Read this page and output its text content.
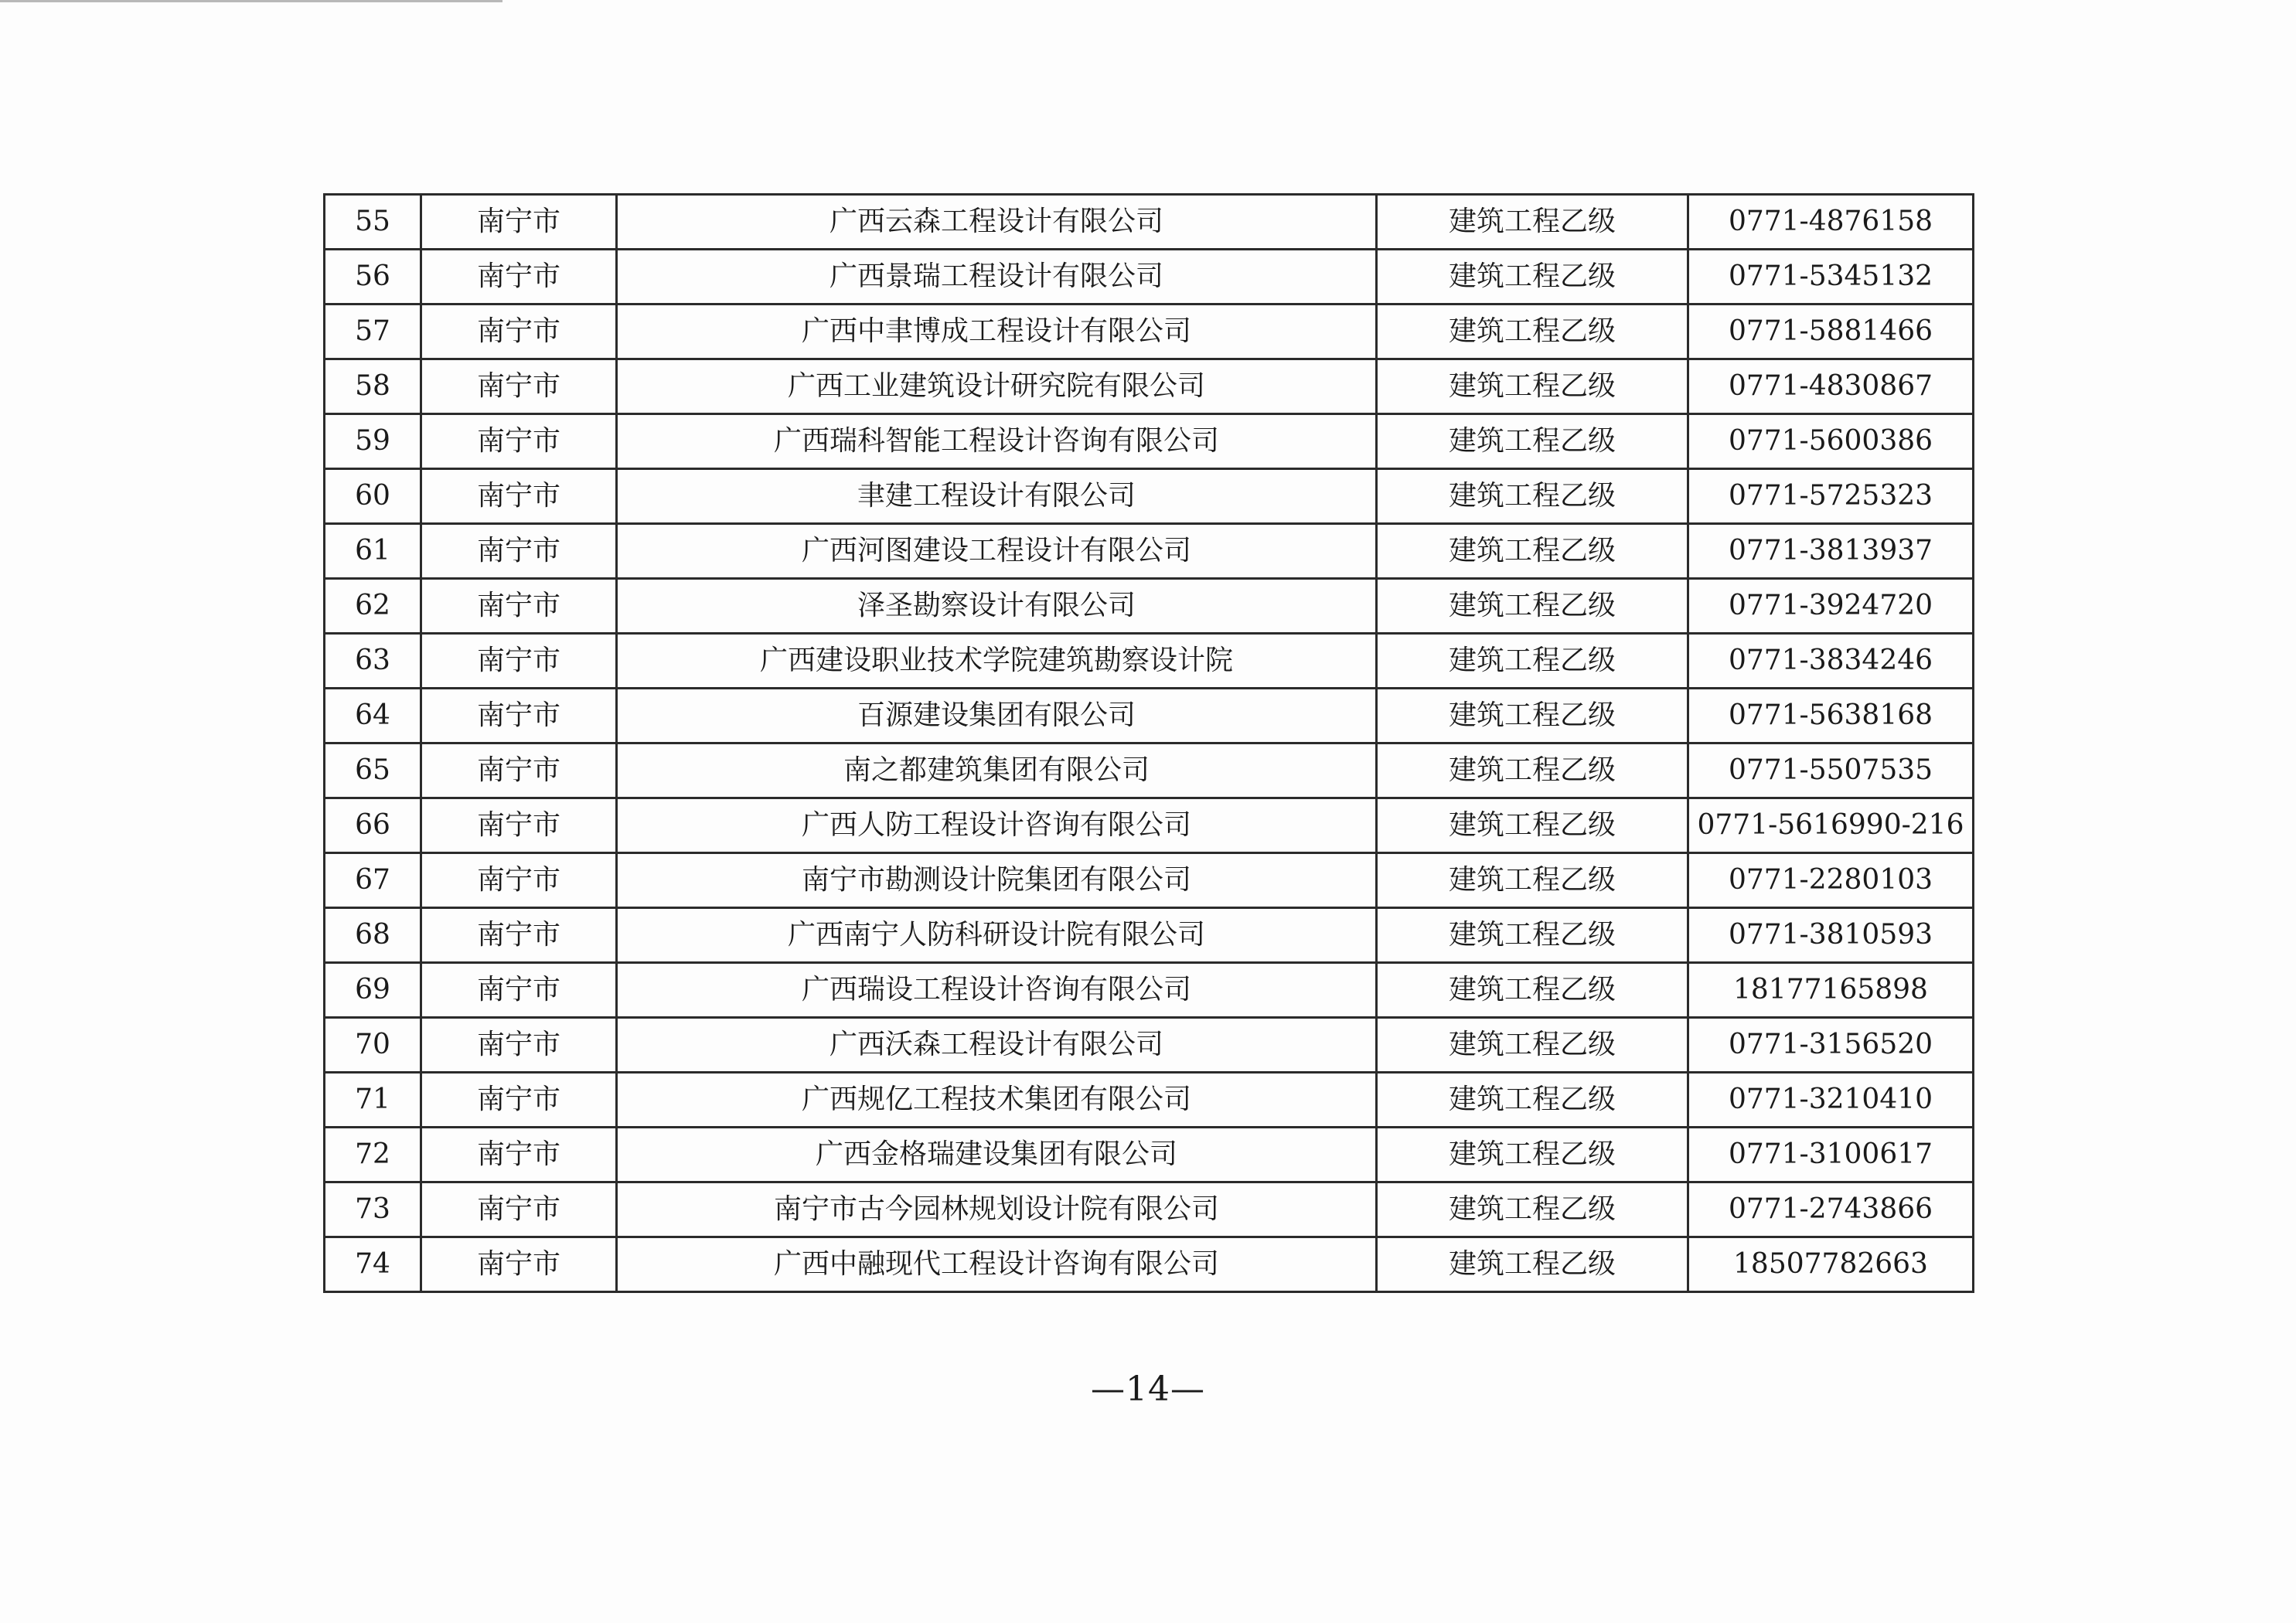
55	南宁市	广西云森工程设计有限公司	建筑工程乙级	0771-4876158
56	南宁市	广西景瑞工程设计有限公司	建筑工程乙级	0771-5345132
57	南宁市	广西中聿博成工程设计有限公司	建筑工程乙级	0771-5881466
58	南宁市	广西工业建筑设计研究院有限公司	建筑工程乙级	0771-4830867
59	南宁市	广西瑞科智能工程设计咨询有限公司	建筑工程乙级	0771-5600386
60	南宁市	聿建工程设计有限公司	建筑工程乙级	0771-5725323
61	南宁市	广西河图建设工程设计有限公司	建筑工程乙级	0771-3813937
62	南宁市	泽圣勘察设计有限公司	建筑工程乙级	0771-3924720
63	南宁市	广西建设职业技术学院建筑勘察设计院	建筑工程乙级	0771-3834246
64	南宁市	百源建设集团有限公司	建筑工程乙级	0771-5638168
65	南宁市	南之都建筑集团有限公司	建筑工程乙级	0771-5507535
66	南宁市	广西人防工程设计咨询有限公司	建筑工程乙级	0771-5616990-216
67	南宁市	南宁市勘测设计院集团有限公司	建筑工程乙级	0771-2280103
68	南宁市	广西南宁人防科研设计院有限公司	建筑工程乙级	0771-3810593
69	南宁市	广西瑞设工程设计咨询有限公司	建筑工程乙级	18177165898
70	南宁市	广西沃森工程设计有限公司	建筑工程乙级	0771-3156520
71	南宁市	广西规亿工程技术集团有限公司	建筑工程乙级	0771-3210410
72	南宁市	广西金格瑞建设集团有限公司	建筑工程乙级	0771-3100617
73	南宁市	南宁市古今园林规划设计院有限公司	建筑工程乙级	0771-2743866
74	南宁市	广西中融现代工程设计咨询有限公司	建筑工程乙级	18507782663
—14—
